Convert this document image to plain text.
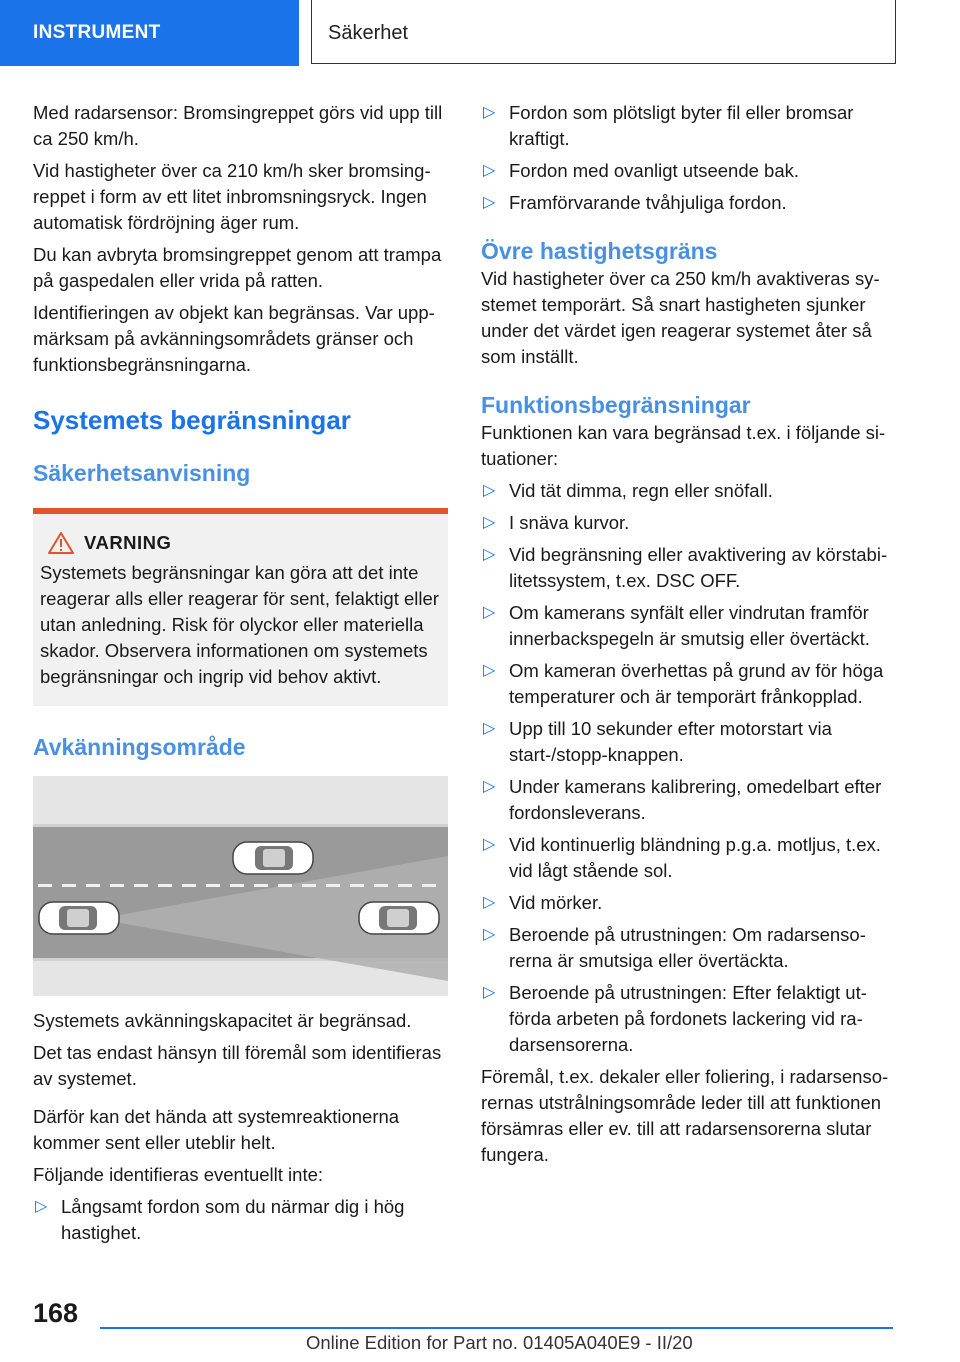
INSTRUMENT	Säkerhet

Med radarsensor: Bromsingreppet görs vid upp till ca 250 km/h.

Vid hastigheter över ca 210 km/h sker bromsingreppet i form av ett litet inbromsningsryck. Ingen automatisk fördröjning äger rum.

Du kan avbryta bromsingreppet genom att trampa på gaspedalen eller vrida på ratten.

Identifieringen av objekt kan begränsas. Var uppmärksam på avkänningsområdets gränser och funktionsbegränsningarna.

Systemets begränsningar
Säkerhetsanvisning
VARNING
Systemets begränsningar kan göra att det inte reagerar alls eller reagerar för sent, felaktigt eller utan anledning. Risk för olyckor eller materiella skador. Observera informationen om systemets begränsningar och ingrip vid behov aktivt.
Avkänningsområde

Systemets avkänningskapacitet är begränsad.

Det tas endast hänsyn till föremål som identifieras av systemet.

Därför kan det hända att systemreaktionerna kommer sent eller uteblir helt.

Följande identifieras eventuellt inte:

▷ Långsamt fordon som du närmar dig i hög hastighet.
▷ Fordon som plötsligt byter fil eller bromsar kraftigt.
▷ Fordon med ovanligt utseende bak.
▷ Framförvarande tvåhjuliga fordon.
Övre hastighetsgräns

Vid hastigheter över ca 250 km/h avaktiveras systemet temporärt. Så snart hastigheten sjunker under det värdet igen reagerar systemet åter så som inställt.

Funktionsbegränsningar

Funktionen kan vara begränsad t.ex. i följande situationer:

▷ Vid tät dimma, regn eller snöfall.
▷ I snäva kurvor.
▷ Vid begränsning eller avaktivering av körstabilitetssystem, t.ex. DSC OFF.
▷ Om kamerans synfält eller vindrutan framför innerbackspegeln är smutsig eller övertäckt.
▷ Om kameran överhettas på grund av för höga temperaturer och är temporärt frånkopplad.
▷ Upp till 10 sekunder efter motorstart via start-/stopp-knappen.
▷ Under kamerans kalibrering, omedelbart efter fordonsleverans.
▷ Vid kontinuerlig bländning p.g.a. motljus, t.ex. vid lågt stående sol.
▷ Vid mörker.
▷ Beroende på utrustningen: Om radarsensorerna är smutsiga eller övertäckta.
▷ Beroende på utrustningen: Efter felaktigt utförda arbeten på fordonets lackering vid radarsensorerna.

Föremål, t.ex. dekaler eller foliering, i radarsensorernas utstrålningsområde leder till att funktionen försämras eller ev. till att radarsensorerna slutar fungera.

168
Online Edition for Part no. 01405A040E9 - II/20
